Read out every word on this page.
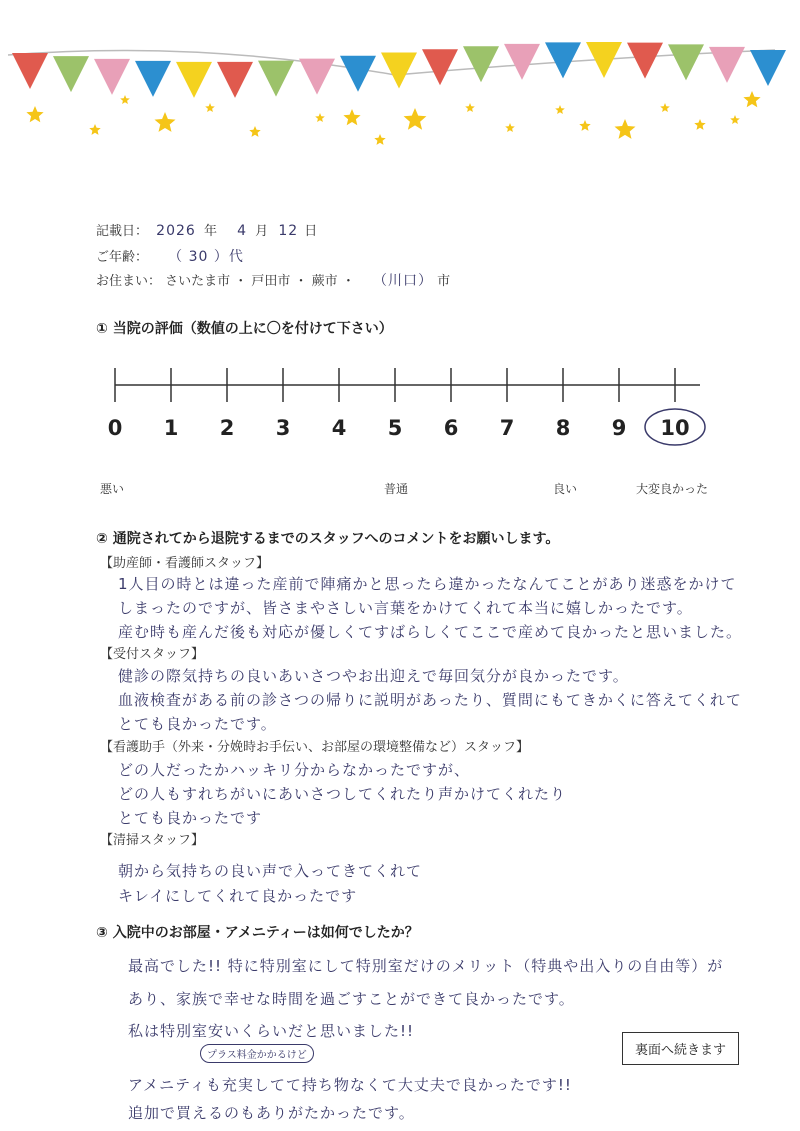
記載日： 2026 年 4 月 12 日
ご年齢： （ 30 ）代
お住まい： さいたま市 ・ 戸田市 ・ 蕨市 ・ （川口） 市
① 当院の評価（数値の上に〇を付けて下さい）
0	1	2	3	4	5	6	7	8	9	10
悪い	普通	良い	大変良かった
② 通院されてから退院するまでのスタッフへのコメントをお願いします。
【助産師・看護師スタッフ】
1人目の時とは違った産前で陣痛かと思ったら違かったなんてことがあり迷惑をかけて
しまったのですが、皆さまやさしい言葉をかけてくれて本当に嬉しかったです。
産む時も産んだ後も対応が優しくてすばらしくてここで産めて良かったと思いました。
【受付スタッフ】
健診の際気持ちの良いあいさつやお出迎えで毎回気分が良かったです。
血液検査がある前の診さつの帰りに説明があったり、質問にもてきかくに答えてくれて
とても良かったです。
【看護助手（外来・分娩時お手伝い、お部屋の環境整備など）スタッフ】
どの人だったかハッキリ分からなかったですが、
どの人もすれちがいにあいさつしてくれたり声かけてくれたり
とても良かったです
【清掃スタッフ】
朝から気持ちの良い声で入ってきてくれて
キレイにしてくれて良かったです
③ 入院中のお部屋・アメニティーは如何でしたか？
最高でした!! 特に特別室にして特別室だけのメリット（特典や出入りの自由等）が
あり、家族で幸せな時間を過ごすことができて良かったです。
私は特別室安いくらいだと思いました!!
プラス料金かかるけど
アメニティも充実してて持ち物なくて大丈夫で良かったです!!
追加で買えるのもありがたかったです。
裏面へ続きます
